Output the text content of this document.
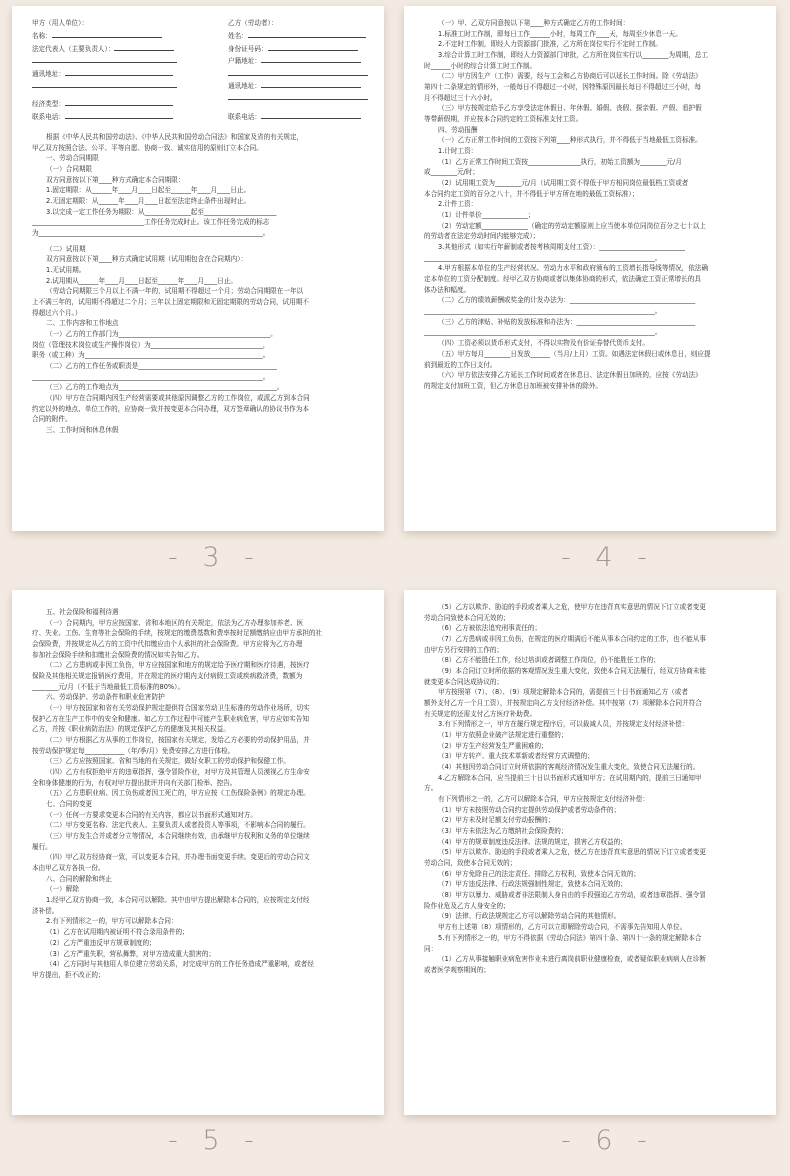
甲方（用人单位）：
名称：
法定代表人（主要负责人）：
通讯地址：
经济类型：
联系电话：
乙方（劳动者）：
姓名：
身份证号码：
户籍地址：
通讯地址：
联系电话：
根据《中华人民共和国劳动法》、《中华人民共和国劳动合同法》和国家及省的有关规定，
甲乙双方按照合法、公平、平等自愿、协商一致、诚实信用的原则订立本合同。
一、劳动合同期限
（一）合同期限
双方同意按以下第____种方式确定本合同期限：
1.固定期限：从______年____月____日起至______年____月____日止。
2.无固定期限：从______年____月____日起至法定终止条件出现时止。
3.以完成一定工作任务为期限：从______________起至______________________
__________________________________工作任务完成时止。该工作任务完成的标志
为____________________________________________________________________。
（二）试用期
双方同意按以下第____种方式确定试用期（试用期包含在合同期内）：
1.无试用期。
2.试用期从______年____月____日起至______年____月____日止。
（劳动合同期限三个月以上不满一年的，试用期不得超过一个月；劳动合同期限在一年以
上不满三年的，试用期不得超过二个月；三年以上固定期限和无固定期限的劳动合同，试用期不
得超过六个月。）
二、工作内容和工作地点
（一）乙方的工作部门为______________________________________________。
岗位（管理技术岗位或生产操作岗位）为__________________________________，
职务（或工种）为______________________________________________________。
（二）乙方的工作任务或职责是__________________________________________
______________________________________________________________________。
（三）乙方的工作地点为________________________________________________。
（四）甲方在合同期内因生产经营需要或其他原因调整乙方的工作岗位，或派乙方到本合同
约定以外的地点、单位工作的，应协商一致并按变更本合同办理，双方签章确认的协议书作为本
合同的附件。
三、工作时间和休息休假
（一）甲、乙双方同意按以下第____种方式确定乙方的工作时间：
1.标准工时工作制，即每日工作______小时，每周工作____天，每周至少休息一天。
2.不定时工作制，即经人力资源部门批准，乙方所在岗位实行不定时工作制。
3.综合计算工时工作制，即经人力资源部门审批，乙方所在岗位实行以________为周期，总工
时______小时的综合计算工时工作制。
（二）甲方因生产（工作）需要，经与工会和乙方协商后可以延长工作时间。除《劳动法》
第四十二条规定的情形外，一般每日不得超过一小时，因特殊原因最长每日不得超过三小时，每
月不得超过三十六小时。
（三）甲方按规定给予乙方享受法定休假日、年休假、婚假、丧假、探亲假、产假、看护假
等带薪假期，并应按本合同约定的工资标准支付工资。
四、劳动报酬
（一）乙方正常工作时间的工资按下列第____种形式执行，并不得低于当地最低工资标准。
1.计时工资：
（1）乙方正常工作时间工资按________________执行，初始工资额为________元/月
或________元/时；
（2）试用期工资为________元/月（试用期工资不得低于甲方相同岗位最低档工资或者
本合同约定工资的百分之八十，并不得低于甲方所在地的最低工资标准）；
2.计件工资：
（1）计件单价______________；
（2）劳动定额______________（确定的劳动定额原则上应当使本单位同岗位百分之七十以上
的劳动者在法定劳动时间内能够完成）；
3.其他形式（如实行年薪制或者按考核周期支付工资）：__________________________
______________________________________________________________________。
4.甲方根据本单位的生产经营状况、劳动力水平和政府颁布的工资增长指导线等情况，依法确
定本单位的工资分配制度。经甲乙双方协商或者以集体协商的形式，依法确定工资正常增长的具
体办法和幅度。
（二）乙方的绩效薪酬或奖金的计发办法为：______________________________________
______________________________________________________________________。
（三）乙方的津贴、补贴的发放标准和办法为：____________________________________
______________________________________________________________________。
（四）工资必须以货币形式支付，不得以实物及有价证券替代货币支付。
（五）甲方每月________日发放______（当月/上月）工资。如遇法定休假日或休息日，则应提
前到最近的工作日支付。
（六）甲方依法安排乙方延长工作时间或者在休息日、法定休假日加班的，应按《劳动法》
的规定支付加班工资，但乙方休息日加班被安排补休的除外。
五、社会保险和福利待遇
（一）合同期内，甲方应按国家、省和本地区的有关规定，依法为乙方办理参加养老、医
疗、失业、工伤、生育等社会保险的手续，按规定的缴费基数和费率按时足额缴纳应由甲方承担的社
会保险费，并按规定从乙方的工资中代扣缴应由个人承担的社会保险费。甲方应将为乙方办理
参加社会保险手续和扣缴社会保险费的情况如实告知乙方。
（二）乙方患病或非因工负伤，甲方应按国家和地方的规定给予医疗期和医疗待遇，按医疗
保险及其他相关规定报销医疗费用，并在规定的医疗期内支付病假工资或疾病救济费，数额为
________元/月（不低于当地最低工资标准的80%）。
六、劳动保护、劳动条件和职业危害防护
（一）甲方按国家和省有关劳动保护规定提供符合国家劳动卫生标准的劳动作业场所，切实
保护乙方在生产工作中的安全和健康。如乙方工作过程中可能产生职业病危害，甲方应如实告知
乙方，并按《职业病防治法》的规定保护乙方的健康及其相关权益。
（二）甲方根据乙方从事的工作岗位，按国家有关规定，发给乙方必要的劳动保护用品，并
按劳动保护规定每____________（年/季/月）免费安排乙方进行体检。
（三）乙方应按照国家、省和当地的有关规定，做好女职工的劳动保护和保健工作。
（四）乙方有权拒绝甲方的违章指挥，强令冒险作业，对甲方及其管理人员漠视乙方生命安
全和身体健康的行为，有权对甲方提出批评并向有关部门检举、控告。
（五）乙方患职业病、因工负伤或者因工死亡的，甲方应按《工伤保险条例》的规定办理。
七、合同的变更
（一）任何一方要求变更本合同的有关内容，都应以书面形式通知对方。
（二）甲方变更名称、法定代表人、主要负责人或者投资人等事项，不影响本合同的履行。
（三）甲方发生合并或者分立等情况，本合同继续有效，由承继甲方权利和义务的单位继续
履行。
（四）甲乙双方经协商一致，可以变更本合同，并办理书面变更手续。变更后的劳动合同文
本由甲乙双方各执一份。
八、合同的解除和终止
（一）解除
1.经甲乙双方协商一致，本合同可以解除。其中由甲方提出解除本合同的，应按规定支付经
济补偿。
2.有下列情形之一的，甲方可以解除本合同：
（1）乙方在试用期内被证明不符合录用条件的；
（2）乙方严重违反甲方规章制度的；
（3）乙方严重失职，营私舞弊，对甲方造成重大损害的；
（4）乙方同时与其他用人单位建立劳动关系，对完成甲方的工作任务造成严重影响，或者经
甲方提出，拒不改正的；
（5）乙方以欺诈、胁迫的手段或者乘人之危，使甲方在违背真实意思的情况下订立或者变更
劳动合同致使本合同无效的；
（6）乙方被依法追究刑事责任的；
（7）乙方患病或非因工负伤，在规定的医疗期满后不能从事本合同约定的工作，也不能从事
由甲方另行安排的工作的；
（8）乙方不能胜任工作，经过培训或者调整工作岗位，仍不能胜任工作的；
（9）本合同订立时所依据的客观情况发生重大变化，致使本合同无法履行，经双方协商未能
就变更本合同达成协议的；
甲方按照第（7）、（8）、（9）项规定解除本合同的，需提前三十日书面通知乙方（或者
额外支付乙方一个月工资），并按规定向乙方支付经济补偿。其中按第（7）项解除本合同并符合
有关规定的还需支付乙方医疗补助费。
3.有下列情形之一，甲方在履行规定程序后，可以裁减人员，并按规定支付经济补偿：
（1）甲方依照企业破产法规定进行重整的；
（2）甲方生产经营发生严重困难的；
（3）甲方转产、重大技术革新或者经营方式调整的；
（4）其他因劳动合同订立时所依据的客观经济情况发生重大变化，致使合同无法履行的。
4.乙方解除本合同，应当提前三十日以书面形式通知甲方；在试用期内的，提前三日通知甲
方。
有下列情形之一的，乙方可以解除本合同，甲方应按规定支付经济补偿：
（1）甲方未按照劳动合同约定提供劳动保护或者劳动条件的；
（2）甲方未及时足额支付劳动报酬的；
（3）甲方未依法为乙方缴纳社会保险费的；
（4）甲方的规章制度违反法律、法规的规定，损害乙方权益的；
（5）甲方以欺诈、胁迫的手段或者乘人之危，使乙方在违背真实意思的情况下订立或者变更
劳动合同，致使本合同无效的；
（6）甲方免除自己的法定责任、排除乙方权利，致使本合同无效的；
（7）甲方违反法律、行政法规强制性规定，致使本合同无效的；
（8）甲方以暴力、威胁或者非法限制人身自由的手段强迫乙方劳动，或者违章指挥、强令冒
险作业危及乙方人身安全的；
（9）法律、行政法规规定乙方可以解除劳动合同的其他情形。
甲方有上述第（8）项情形的，乙方可以立即解除劳动合同，不需事先告知用人单位。
5.有下列情形之一的，甲方不得依据《劳动合同法》第四十条、第四十一条的规定解除本合
同：
（1）乙方从事接触职业病危害作业未进行离岗前职业健康检查，或者疑似职业病病人在诊断
或者医学观察期间的；
- 3 -	- 4 -
- 5 -	- 6 -
